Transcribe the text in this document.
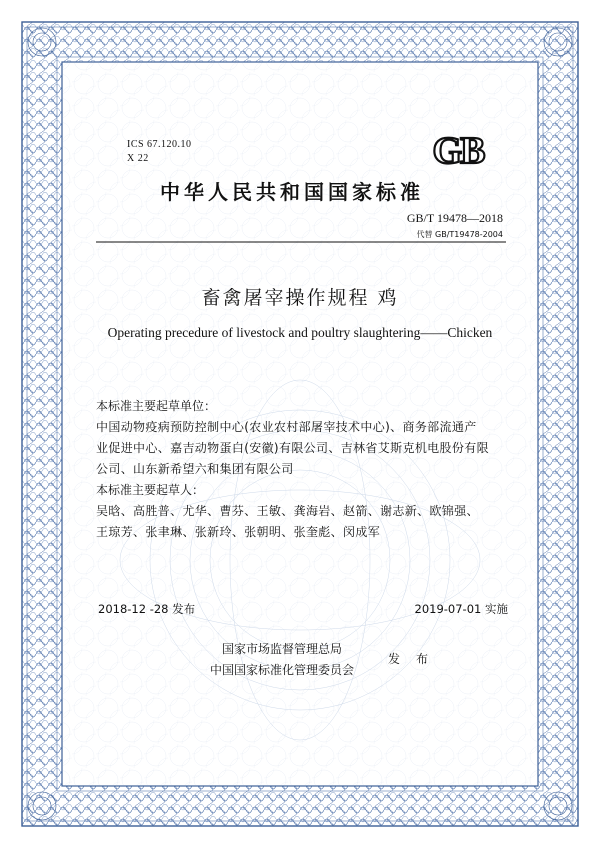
ICS 67.120.10

X 22	GB

中华人民共和国国家标准

GB/T 19478—2018

代替 GB/T19478-2004

畜禽屠宰操作规程 鸡

Operating precedure of livestock and poultry slaughtering——Chicken

本标准主要起草单位：

中国动物疫病预防控制中心(农业农村部屠宰技术中心)、商务部流通产

业促进中心、嘉吉动物蛋白(安徽)有限公司、吉林省艾斯克机电股份有限

公司、山东新希望六和集团有限公司

本标准主要起草人：

吴晗、高胜普、尤华、曹芬、王敏、龚海岩、赵箭、谢志新、欧锦强、

王琼芳、张聿琳、张新玲、张朝明、张奎彪、闵成军

2018-12 -28 发布	2019-07-01 实施

国家市场监督管理总局

中国国家标准化管理委员会

发　布
